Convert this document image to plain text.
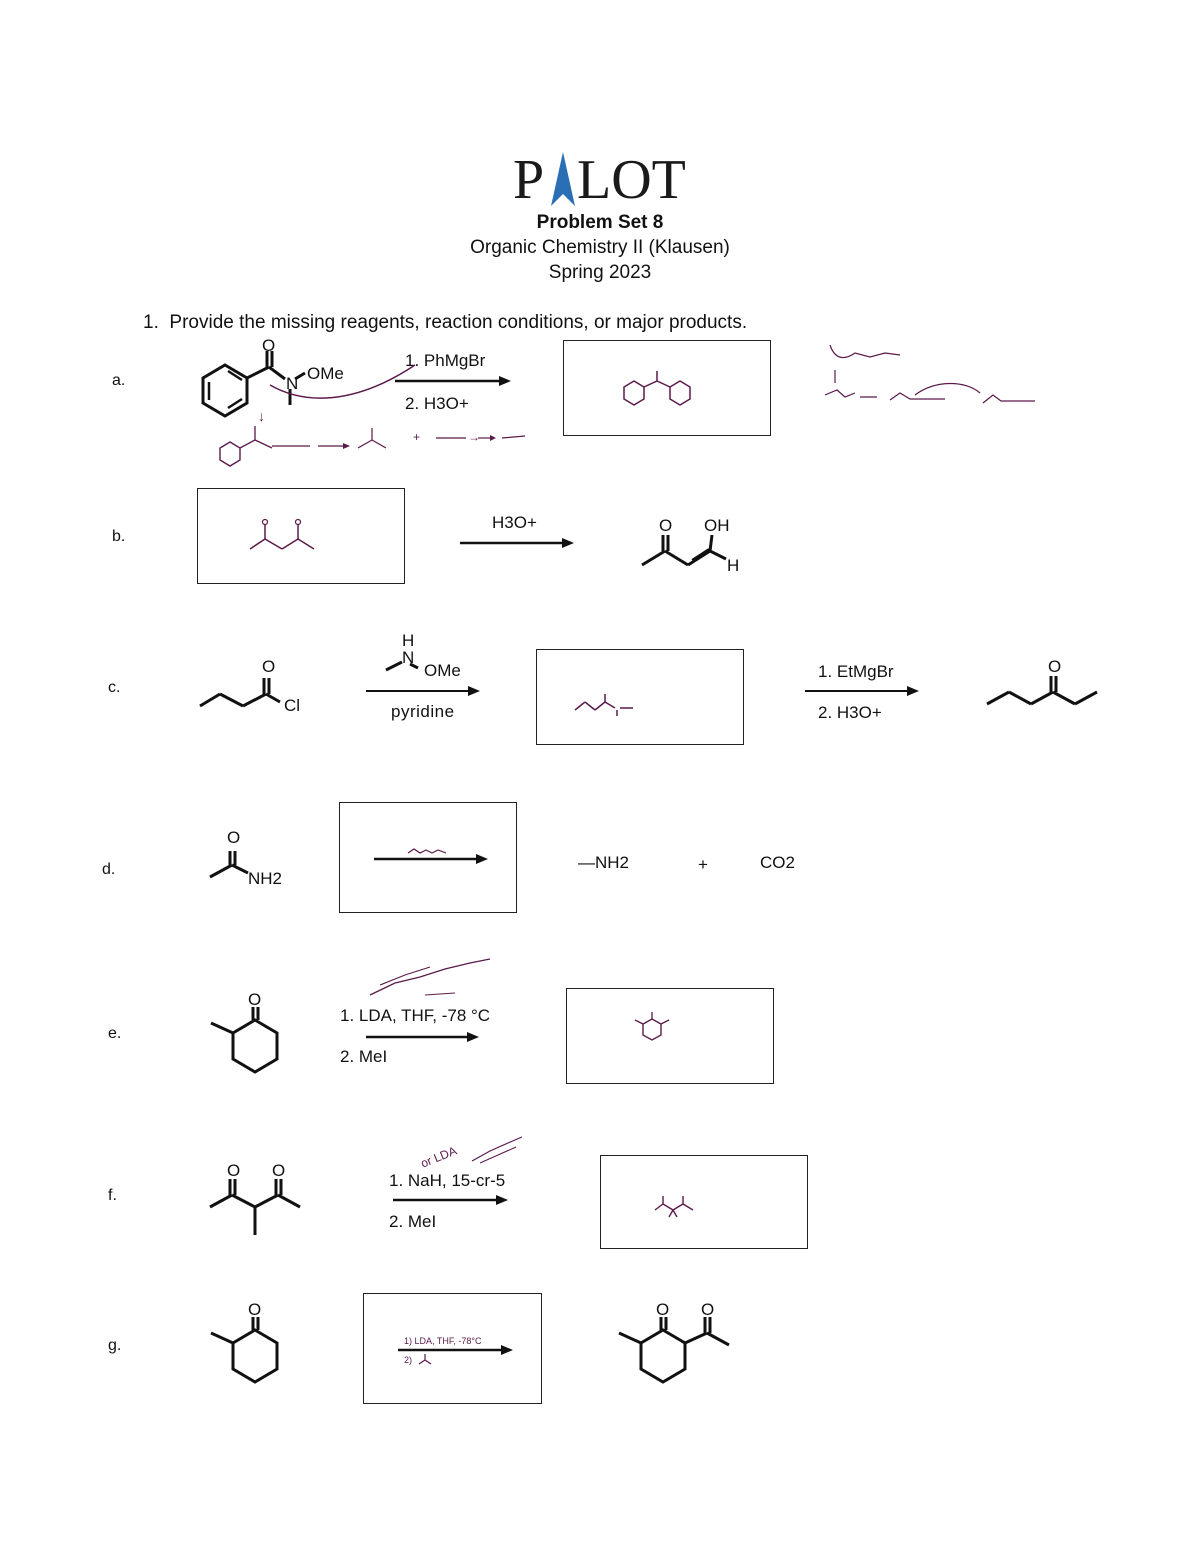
P LOT
Problem Set 8
Organic Chemistry II (Klausen)
Spring 2023
1. Provide the missing reagents, reaction conditions, or major products.
a.
O
N
OMe
1. PhMgBr
2. H3O+
↓
+	→
b.
H3O+	O OH
H
c.
O
Cl
H
N
OMe
pyridine
1. EtMgBr
2. H3O+
O
d.
O
NH2
—NH2	+	CO2
e.
O
1. LDA, THF, -78 °C
2. MeI
f.
O O
or LDA
1. NaH, 15-cr-5
2. MeI
g.
O
1) LDA, THF, -78°C
2)
O O
